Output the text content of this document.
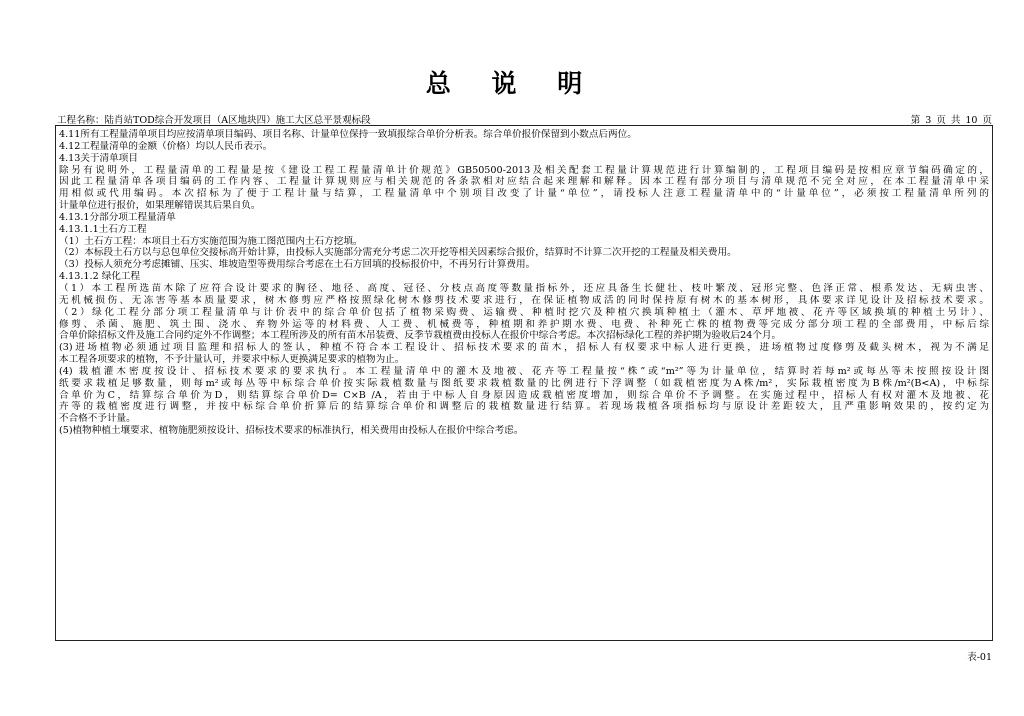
总 说 明
工程名称：陆肖站TOD综合开发项目（A区地块四）施工大区总平景观标段	第 3 页 共 10 页
4.11所有工程量清单项目均应按清单项目编码、项目名称、计量单位保持一致填报综合单价分析表。综合单价报价保留到小数点后两位。
4.12工程量清单的金额（价格）均以人民币表示。
4.13关于清单项目
除另有说明外，工程量清单的工程量是按《建设工程工程量清单计价规范》GB50500-2013及相关配套工程量计算规范进行计算编制的，工程项目编码是按相应章节编码确定的，
因此工程量清单各项目编码的工作内容、工程量计算规则应与相关规范的各条款相对应结合起来理解和解释。因本工程有部分项目与清单规范不完全对应，在本工程量清单中采
用相似或代用编码。本次招标为了便于工程计量与结算，工程量清单中个别项目改变了计量“单位”，请投标人注意工程量清单中的“计量单位”，必须按工程量清单所列的
计量单位进行报价，如果理解错误其后果自负。
4.13.1分部分项工程量清单
4.13.1.1土石方工程
（1）土石方工程：本项目土石方实施范围为施工图范围内土石方挖填。
（2）本标段土石方以与总包单位交接标高开始计算，由投标人实施部分需充分考虑二次开挖等相关因素综合报价，结算时不计算二次开挖的工程量及相关费用。
（3）投标人须充分考虑摊铺、压实、堆坡造型等费用综合考虑在土石方回填的投标报价中，不再另行计算费用。
4.13.1.2 绿化工程
（1）本工程所选苗木除了应符合设计要求的胸径、地径、高度、冠径、分枝点高度等数量指标外，还应具备生长健壮、枝叶繁茂、冠形完整、色泽正常、根系发达、无病虫害、
无机械损伤、无冻害等基本质量要求，树木修剪应严格按照绿化树木修剪技术要求进行，在保证植物成活的同时保持原有树木的基本树形，具体要求详见设计及招标技术要求。
（2）绿化工程分部分项工程量清单与计价表中的综合单价包括了植物采购费、运输费、种植时挖穴及种植穴换填种植土（灌木、草坪地被、花卉等区域换填的种植土另计）、
修剪、杀菌、施肥、筑土围、浇水、弃物外运等的材料费、人工费、机械费等，种植期和养护期水费、电费、补种死亡株的植物费等完成分部分项工程的全部费用，中标后综
合单价除招标文件及施工合同约定外不作调整；本工程所涉及的所有苗木吊装费、反季节栽植费由投标人在报价中综合考虑。本次招标绿化工程的养护期为验收后24个月。
(3)进场植物必须通过项目监理和招标人的签认，种植不符合本工程设计、招标技术要求的苗木，招标人有权要求中标人进行更换，进场植物过度修剪及截头树木，视为不满足
本工程各项要求的植物，不予计量认可，并要求中标人更换满足要求的植物为止。
(4) 栽植灌木密度按设计、招标技术要求的要求执行。本工程量清单中的灌木及地被、花卉等工程量按“株”或“m²”等为计量单位，结算时若每m²或每丛等未按照按设计图
纸要求栽植足够数量，则每m²或每丛等中标综合单价按实际栽植数量与图纸要求栽植数量的比例进行下浮调整（如栽植密度为A株/m²，实际栽植密度为B株/m²(B<A)，中标综
合单价为C，结算综合单价为D，则结算综合单价D= C×B /A，若由于中标人自身原因造成栽植密度增加，则综合单价不予调整。在实施过程中，招标人有权对灌木及地被、花
卉等的栽植密度进行调整，并按中标综合单价折算后的结算综合单价和调整后的栽植数量进行结算。若现场栽植各项指标均与原设计差距较大，且严重影响效果的，按约定为
不合格不予计量。
(5)植物种植土壤要求、植物施肥须按设计、招标技术要求的标准执行，相关费用由投标人在报价中综合考虑。
表-01
